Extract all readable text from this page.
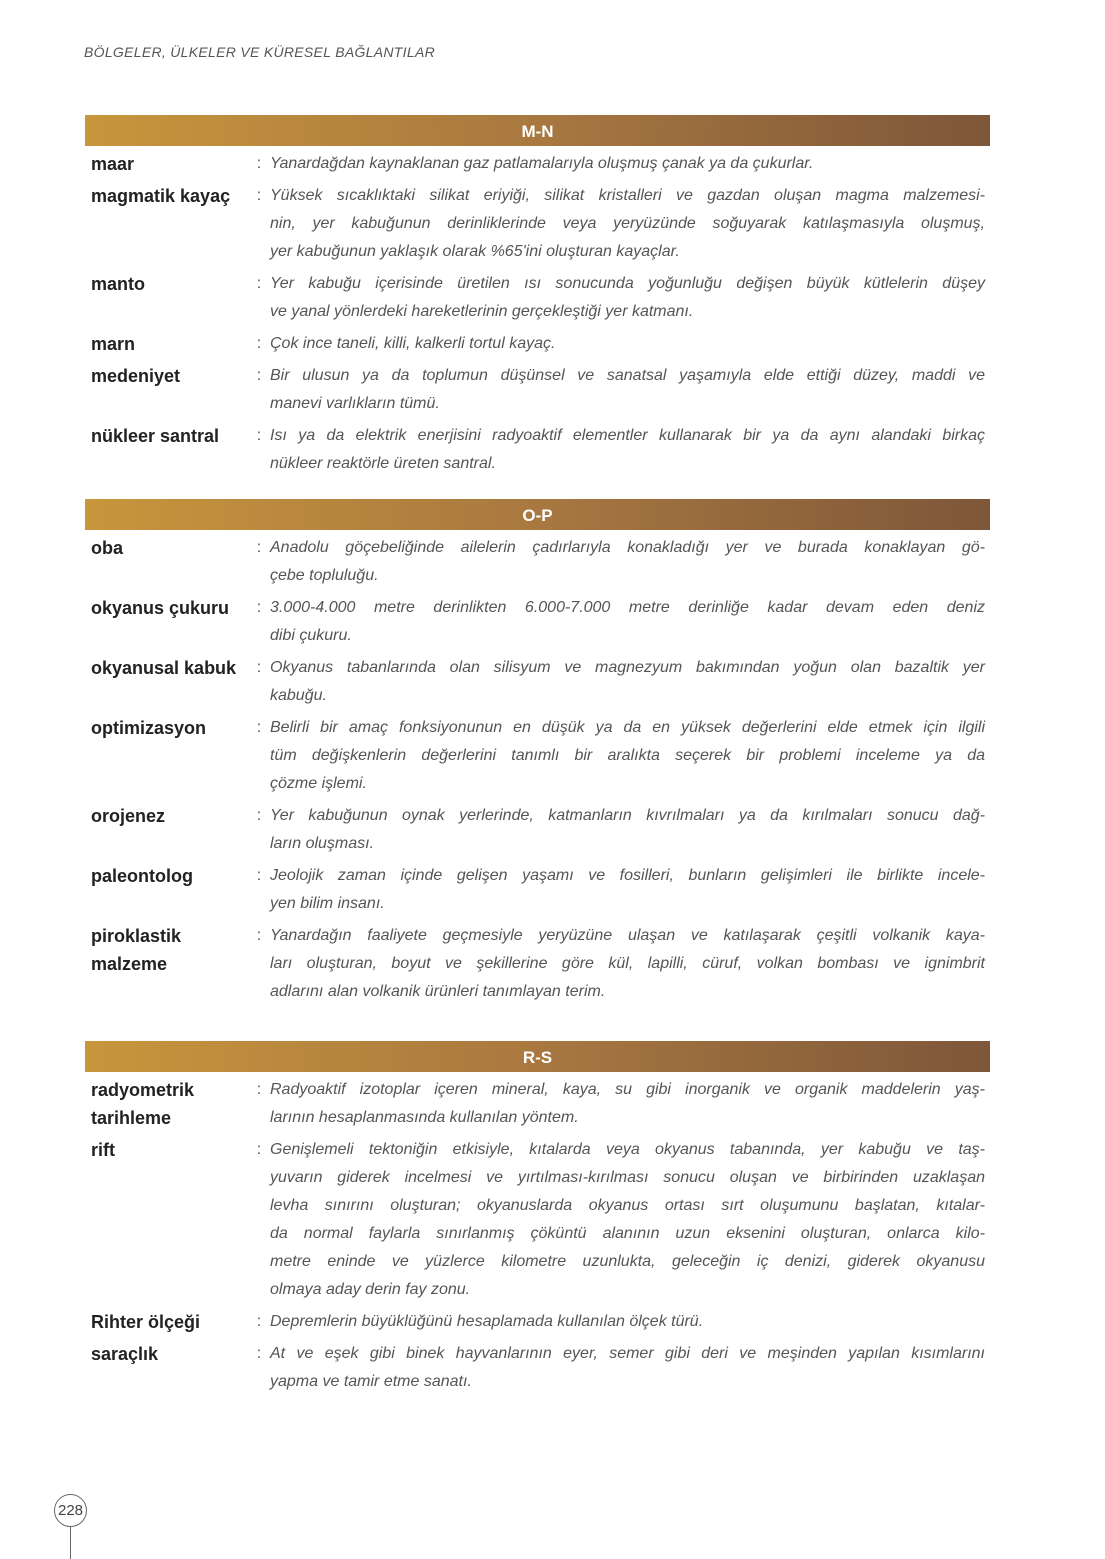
BÖLGELER, ÜLKELER VE KÜRESEL BAĞLANTILAR
M-N
maar	: Yanardağdan kaynaklanan gaz patlamalarıyla oluşmuş çanak ya da çukurlar.
magmatik kayaç	: Yüksek sıcaklıktaki silikat eriyiği, silikat kristalleri ve gazdan oluşan magma malzemesi-
nin, yer kabuğunun derinliklerinde veya yeryüzünde soğuyarak katılaşmasıyla oluşmuş,
yer kabuğunun yaklaşık olarak %65'ini oluşturan kayaçlar.
manto	: Yer kabuğu içerisinde üretilen ısı sonucunda yoğunluğu değişen büyük kütlelerin düşey
ve yanal yönlerdeki hareketlerinin gerçekleştiği yer katmanı.
marn	: Çok ince taneli, killi, kalkerli tortul kayaç.
medeniyet	: Bir ulusun ya da toplumun düşünsel ve sanatsal yaşamıyla elde ettiği düzey, maddi ve
manevi varlıkların tümü.
nükleer santral	: Isı ya da elektrik enerjisini radyoaktif elementler kullanarak bir ya da aynı alandaki birkaç
nükleer reaktörle üreten santral.
O-P
oba	: Anadolu göçebeliğinde ailelerin çadırlarıyla konakladığı yer ve burada konaklayan gö-
çebe topluluğu.
okyanus çukuru	: 3.000-4.000 metre derinlikten 6.000-7.000 metre derinliğe kadar devam eden deniz
dibi çukuru.
okyanusal kabuk	: Okyanus tabanlarında olan silisyum ve magnezyum bakımından yoğun olan bazaltik yer
kabuğu.
optimizasyon	: Belirli bir amaç fonksiyonunun en düşük ya da en yüksek değerlerini elde etmek için ilgili
tüm değişkenlerin değerlerini tanımlı bir aralıkta seçerek bir problemi inceleme ya da
çözme işlemi.
orojenez	: Yer kabuğunun oynak yerlerinde, katmanların kıvrılmaları ya da kırılmaları sonucu dağ-
ların oluşması.
paleontolog	: Jeolojik zaman içinde gelişen yaşamı ve fosilleri, bunların gelişimleri ile birlikte incele-
yen bilim insanı.
piroklastik
malzeme
: Yanardağın faaliyete geçmesiyle yeryüzüne ulaşan ve katılaşarak çeşitli volkanik kaya-
ları oluşturan, boyut ve şekillerine göre kül, lapilli, cüruf, volkan bombası ve ignimbrit
adlarını alan volkanik ürünleri tanımlayan terim.
R-S
radyometrik
tarihleme
: Radyoaktif izotoplar içeren mineral, kaya, su gibi inorganik ve organik maddelerin yaş-
larının hesaplanmasında kullanılan yöntem.
rift	: Genişlemeli tektoniğin etkisiyle, kıtalarda veya okyanus tabanında, yer kabuğu ve taş-
yuvarın giderek incelmesi ve yırtılması-kırılması sonucu oluşan ve birbirinden uzaklaşan
levha sınırını oluşturan; okyanuslarda okyanus ortası sırt oluşumunu başlatan, kıtalar-
da normal faylarla sınırlanmış çöküntü alanının uzun eksenini oluşturan, onlarca kilo-
metre eninde ve yüzlerce kilometre uzunlukta, geleceğin iç denizi, giderek okyanusu
olmaya aday derin fay zonu.
Rihter ölçeği	: Depremlerin büyüklüğünü hesaplamada kullanılan ölçek türü.
saraçlık	: At ve eşek gibi binek hayvanlarının eyer, semer gibi deri ve meşinden yapılan kısımlarını
yapma ve tamir etme sanatı.
228
